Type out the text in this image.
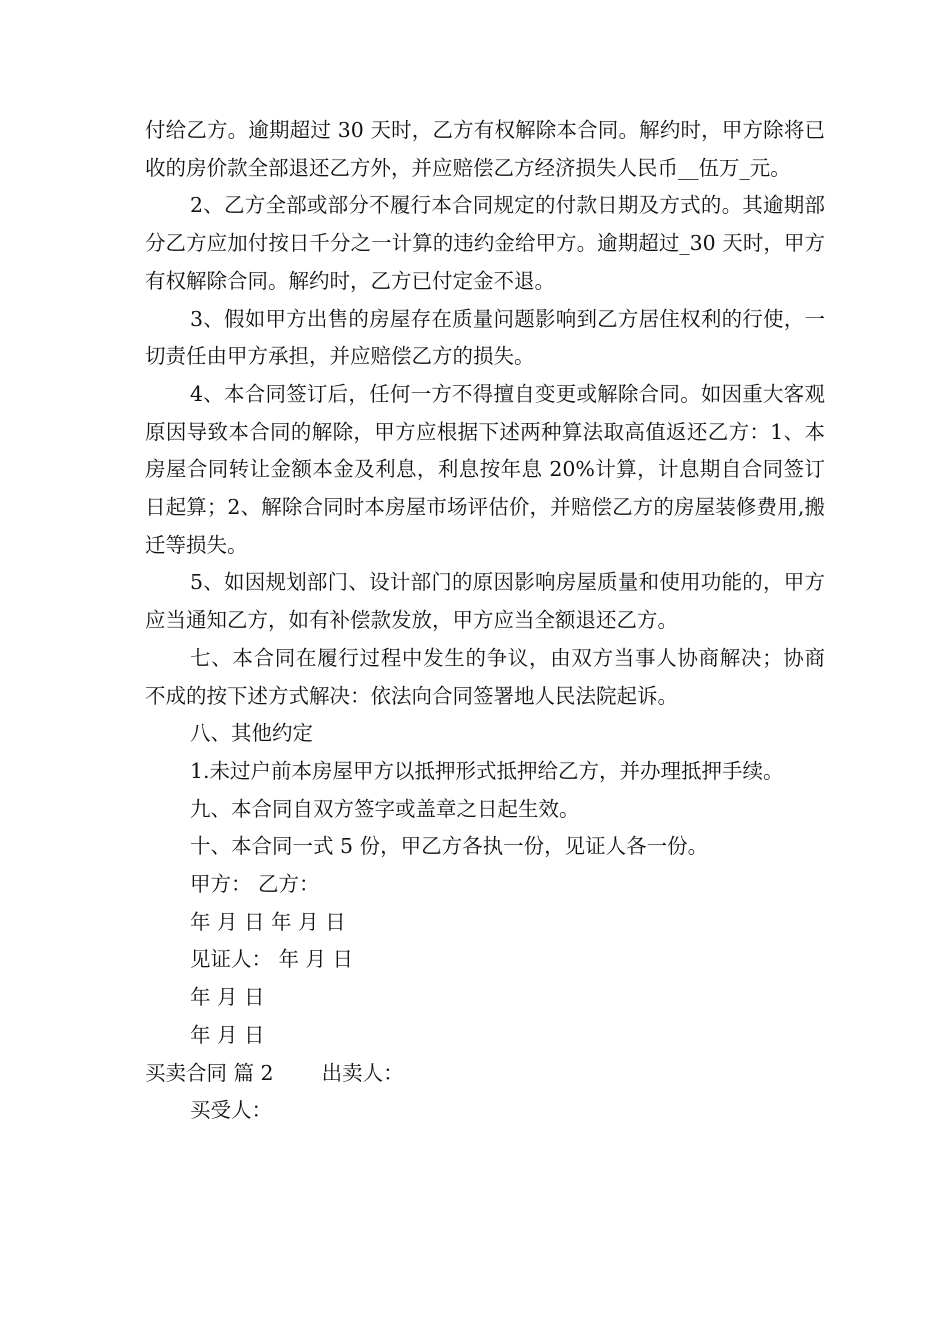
付给乙方。逾期超过 30 天时，乙方有权解除本合同。解约时，甲方除将已收的房价款全部退还乙方外，并应赔偿乙方经济损失人民币__伍万_元。

2、乙方全部或部分不履行本合同规定的付款日期及方式的。其逾期部分乙方应加付按日千分之一计算的违约金给甲方。逾期超过_30 天时，甲方有权解除合同。解约时，乙方已付定金不退。

3、假如甲方出售的房屋存在质量问题影响到乙方居住权利的行使，一切责任由甲方承担，并应赔偿乙方的损失。

4、本合同签订后，任何一方不得擅自变更或解除合同。如因重大客观原因导致本合同的解除，甲方应根据下述两种算法取高值返还乙方：1、本房屋合同转让金额本金及利息，利息按年息 20%计算，计息期自合同签订日起算；2、解除合同时本房屋市场评估价，并赔偿乙方的房屋装修费用,搬迁等损失。

5、如因规划部门、设计部门的原因影响房屋质量和使用功能的，甲方应当通知乙方，如有补偿款发放，甲方应当全额退还乙方。

七、本合同在履行过程中发生的争议，由双方当事人协商解决；协商不成的按下述方式解决：依法向合同签署地人民法院起诉。

八、其他约定

1.未过户前本房屋甲方以抵押形式抵押给乙方，并办理抵押手续。

九、本合同自双方签字或盖章之日起生效。

十、本合同一式 5 份，甲乙方各执一份，见证人各一份。

甲方： 乙方：

年 月 日 年 月 日

见证人： 年 月 日

年 月 日

年 月 日

买卖合同 篇 2 出卖人：

买受人：
